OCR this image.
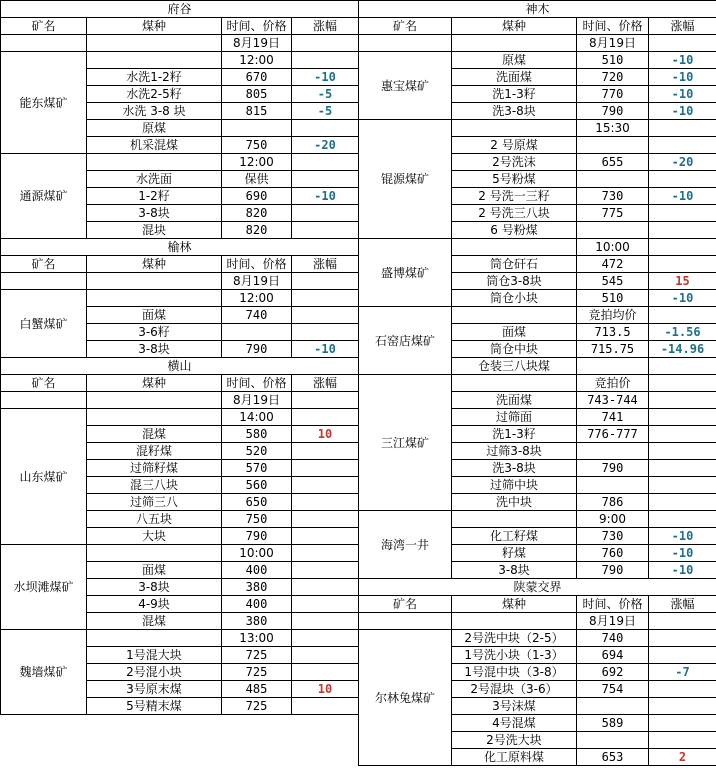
府谷			
矿名	煤种	时间、价格	涨幅
		8月19日	
能东煤矿		12:00	
	水洗1-2籽	670	-10
	水洗2-5籽	805	-5
	水洗 3-8 块	815	-5
	原煤		
	机采混煤	750	-20
通源煤矿		12:00	
	水洗面	保供	
	1-2籽	690	-10
	3-8块	820	
	混块	820	
榆林			
矿名	煤种	时间、价格	涨幅
		8月19日	
白蟹煤矿		12:00	
	面煤	740	
	3-6籽		
	3-8块	790	-10
横山			
矿名	煤种	时间、价格	涨幅
		8月19日	
山东煤矿		14:00	
	混煤	580	10
	混籽煤	520	
	过筛籽煤	570	
	混三八块	560	
	过筛三八	650	
	八五块	750	
	大块	790	
水坝滩煤矿		10:00	
	面煤	400	
	3-8块	380	
	4-9块	400	
	混煤	380	
魏墙煤矿		13:00	
	1号混大块	725	
	2号混小块	725	
	3号原末煤	485	10
	5号精末煤	725	
神木			
矿名	煤种	时间、价格	涨幅
		8月19日	
惠宝煤矿	原煤	510	-10
	洗面煤	720	-10
	洗1-3籽	770	-10
	洗3-8块	790	-10
锟源煤矿		15:30	
	2 号原煤		
	2号洗沫	655	-20
	5号粉煤		
	2 号洗一三籽	730	-10
	2 号洗三八块	775	
	6 号粉煤		
盛博煤矿		10:00	
	筒仓矸石	472	
	筒仓3-8块	545	15
	筒仓小块	510	-10
石窑店煤矿		竞拍均价	
	面煤	713.5	-1.56
	筒仓中块	715.75	-14.96
	仓装三八块煤		
三江煤矿		竞拍价	
	洗面煤	743-744	
	过筛面	741	
	洗1-3籽	776-777	
	过筛3-8块		
	洗3-8块	790	
	过筛中块		
	洗中块	786	
海湾一井		9:00	
	化工籽煤	730	-10
	籽煤	760	-10
	3-8块	790	-10
陕蒙交界			
矿名	煤种	时间、价格	涨幅
		8月19日	
尔林兔煤矿	2号洗中块（2-5）	740	
	1号洗小块（1-3）	694	
	1号混中块（3-8）	692	-7
	2号混块（3-6）	754	
	3号沫煤		
	4号混煤	589	
	2号洗大块		
	化工原料煤	653	2
